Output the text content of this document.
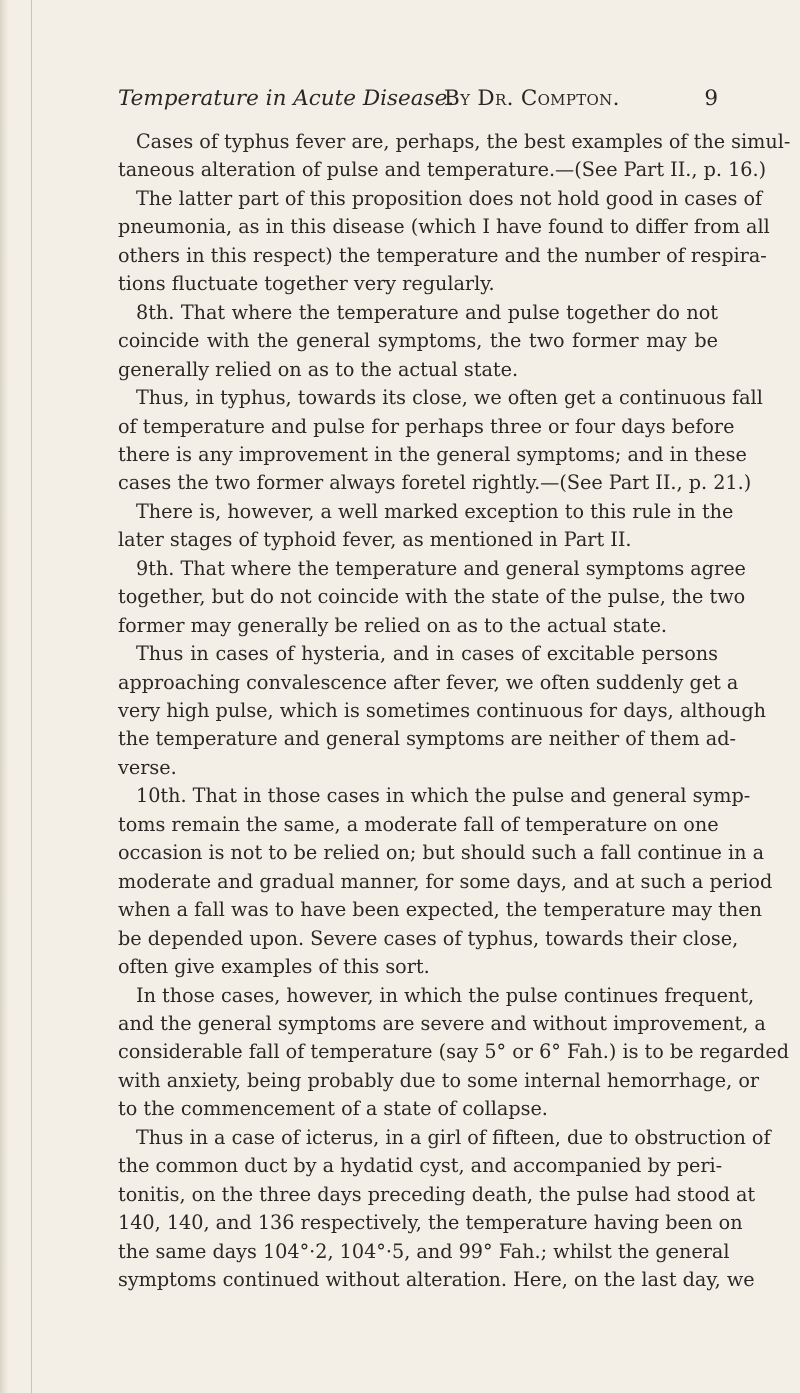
Temperature in Acute Disease.
By Dr. Compton.	9
Cases of typhus fever are, perhaps, the best examples of the simul-
taneous alteration of pulse and temperature.—(See Part II., p. 16.)
The latter part of this proposition does not hold good in cases of
pneumonia, as in this disease (which I have found to differ from all
others in this respect) the temperature and the number of respira-
tions fluctuate together very regularly.
8th. That where the temperature and pulse together do not
coincide with the general symptoms, the two former may be
generally relied on as to the actual state.
Thus, in typhus, towards its close, we often get a continuous fall
of temperature and pulse for perhaps three or four days before
there is any improvement in the general symptoms; and in these
cases the two former always foretel rightly.—(See Part II., p. 21.)
There is, however, a well marked exception to this rule in the
later stages of typhoid fever, as mentioned in Part II.
9th. That where the temperature and general symptoms agree
together, but do not coincide with the state of the pulse, the two
former may generally be relied on as to the actual state.
Thus in cases of hysteria, and in cases of excitable persons
approaching convalescence after fever, we often suddenly get a
very high pulse, which is sometimes continuous for days, although
the temperature and general symptoms are neither of them ad-
verse.
10th. That in those cases in which the pulse and general symp-
toms remain the same, a moderate fall of temperature on one
occasion is not to be relied on; but should such a fall continue in a
moderate and gradual manner, for some days, and at such a period
when a fall was to have been expected, the temperature may then
be depended upon. Severe cases of typhus, towards their close,
often give examples of this sort.
In those cases, however, in which the pulse continues frequent,
and the general symptoms are severe and without improvement, a
considerable fall of temperature (say 5° or 6° Fah.) is to be regarded
with anxiety, being probably due to some internal hemorrhage, or
to the commencement of a state of collapse.
Thus in a case of icterus, in a girl of fifteen, due to obstruction of
the common duct by a hydatid cyst, and accompanied by peri-
tonitis, on the three days preceding death, the pulse had stood at
140, 140, and 136 respectively, the temperature having been on
the same days 104°·2, 104°·5, and 99° Fah.; whilst the general
symptoms continued without alteration. Here, on the last day, we
